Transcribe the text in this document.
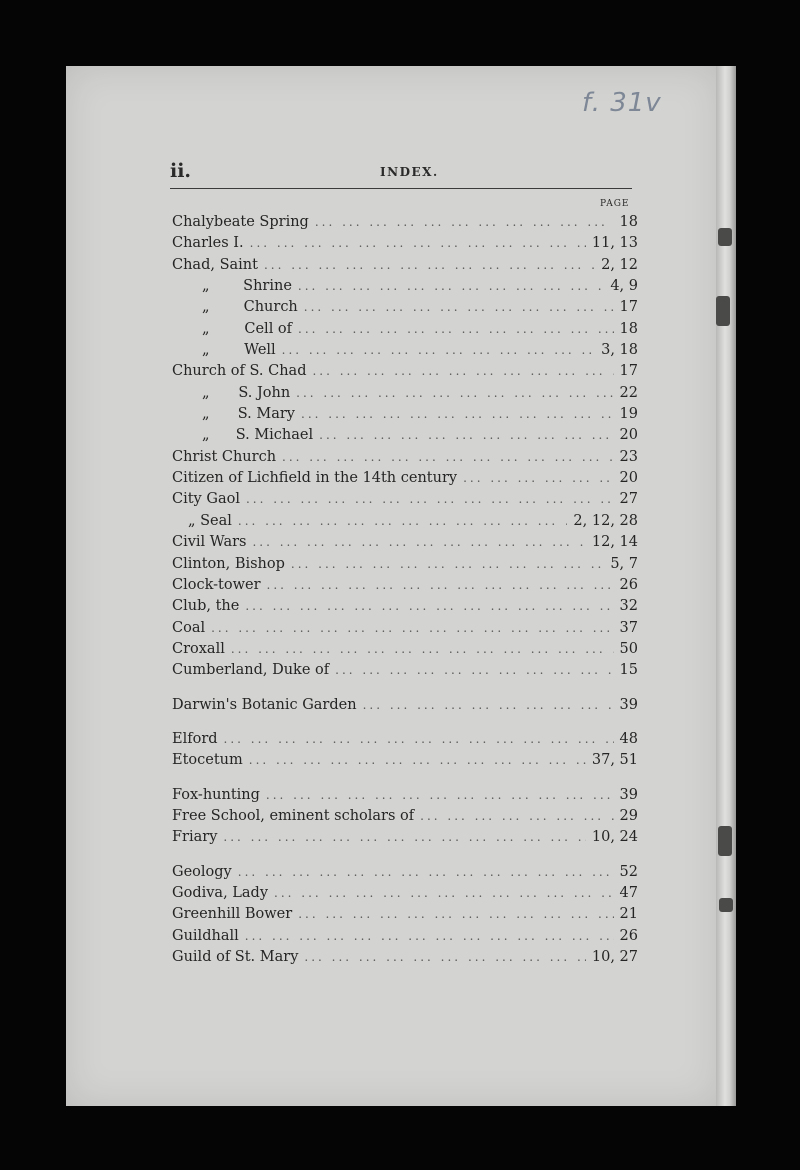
f. 31v
ii.	INDEX.
PAGE
Chalybeate Spring ...	18
Charles I. ...	11, 13
Chad, Saint ...	2, 12
„	Shrine ...	4, 9
„	Church ...	17
„	Cell of ...	18
„	Well ...	3, 18
Church of S. Chad ...	17
„	S. John ...	22
„	S. Mary ...	19
„	S. Michael ...	20
Christ Church ...	23
Citizen of Lichfield in the 14th century ...	20
City Gaol ...	27
„ Seal ...	2, 12, 28
Civil Wars ...	12, 14
Clinton, Bishop ...	5, 7
Clock-tower ...	26
Club, the ...	32
Coal ...	37
Croxall ...	50
Cumberland, Duke of ...	15
Darwin's Botanic Garden ...	39
Elford ...	48
Etocetum ...	37, 51
Fox-hunting ...	39
Free School, eminent scholars of ...	29
Friary ...	10, 24
Geology ...	52
Godiva, Lady ...	47
Greenhill Bower ...	21
Guildhall ...	26
Guild of St. Mary ...	10, 27
